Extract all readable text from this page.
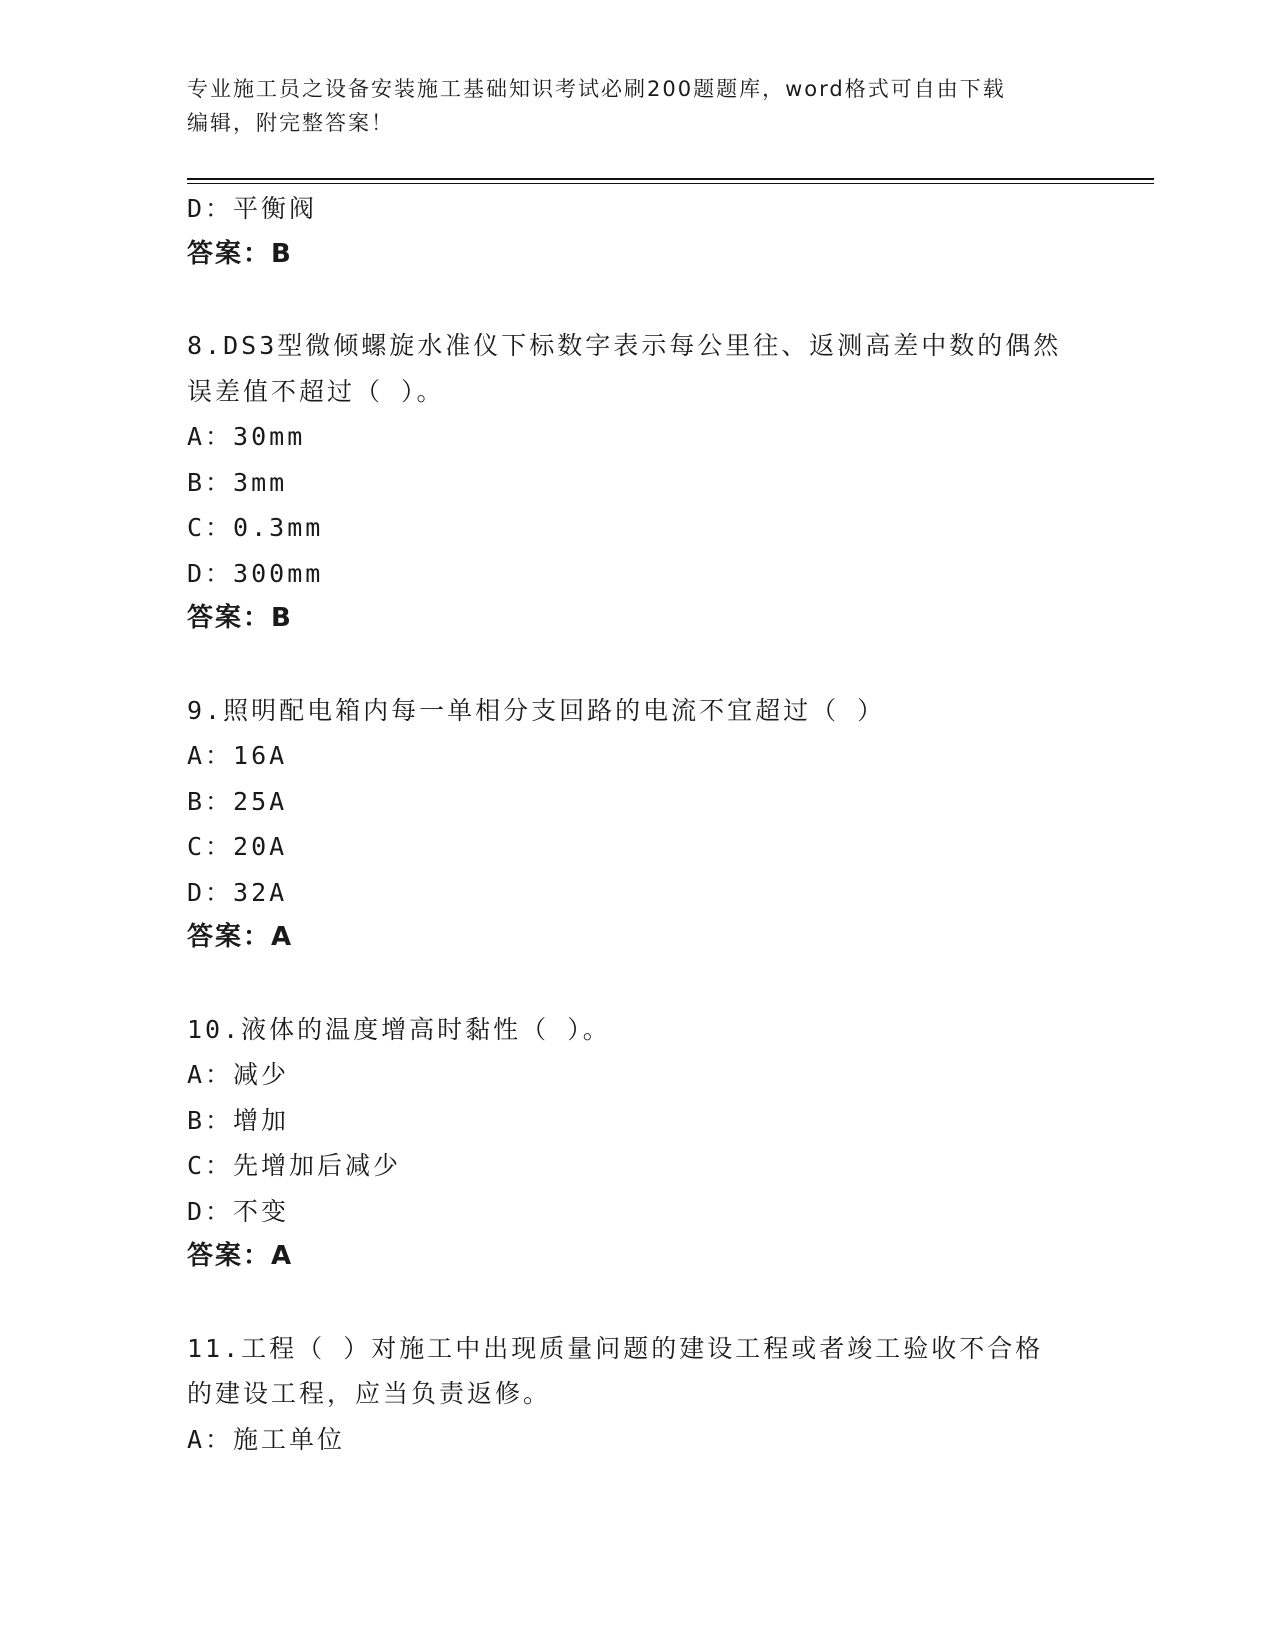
专业施工员之设备安装施工基础知识考试必刷200题题库，word格式可自由下载
编辑，附完整答案！
D：平衡阀
答案：B
8.DS3型微倾螺旋水准仪下标数字表示每公里往、返测高差中数的偶然
误差值不超过（ ）。
A：30mm
B：3mm
C：0.3mm
D：300mm
答案：B
9.照明配电箱内每一单相分支回路的电流不宜超过（ ）
A：16A
B：25A
C：20A
D：32A
答案：A
10.液体的温度增高时黏性（ ）。
A：减少
B：增加
C：先增加后减少
D：不变
答案：A
11.工程（ ）对施工中出现质量问题的建设工程或者竣工验收不合格
的建设工程，应当负责返修。
A：施工单位
